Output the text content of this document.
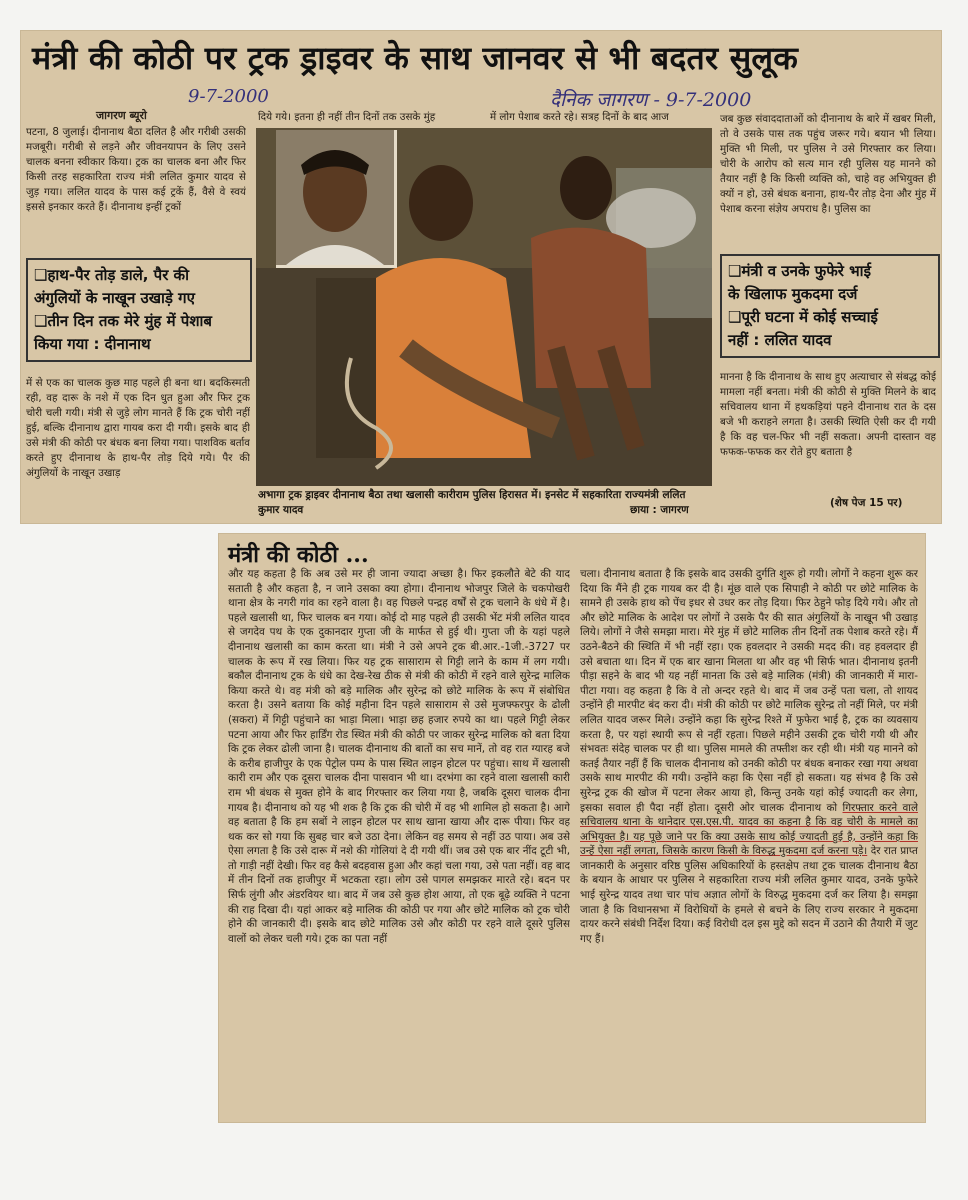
मंत्री की कोठी पर ट्रक ड्राइवर के साथ जानवर से भी बदतर सुलूक
9-7-2000	दैनिक जागरण - 9-7-2000
जागरण ब्यूरो

पटना, 8 जुलाई। दीनानाथ बैठा दलित है और गरीबी उसकी मजबूरी। गरीबी से लड़ने और जीवनयापन के लिए उसने चालक बनना स्वीकार किया। ट्रक का चालक बना और फिर किसी तरह सहकारिता राज्य मंत्री ललित कुमार यादव से जुड़ गया। ललित यादव के पास कई ट्रकें हैं, वैसे वे स्वयं इससे इनकार करते हैं। दीनानाथ इन्हीं ट्रकों

❑हाथ-पैर तोड़ डाले, पैर की
अंगुलियों के नाखून उखाड़े गए
❑तीन दिन तक मेरे मुंह में पेशाब
किया गया : दीनानाथ

में से एक का चालक कुछ माह पहले ही बना था। बदकिस्मती रही, वह दारू के नशे में एक दिन धुत हुआ और फिर ट्रक चोरी चली गयी। मंत्री से जुड़े लोग मानते हैं कि ट्रक चोरी नहीं हुई, बल्कि दीनानाथ द्वारा गायब करा दी गयी। इसके बाद ही उसे मंत्री की कोठी पर बंधक बना लिया गया। पाशविक बर्ताव करते हुए दीनानाथ के हाथ-पैर तोड़ दिये गये। पैर की अंगुलियों के नाखून उखाड़

दिये गये। इतना ही नहीं तीन दिनों तक उसके मुंह	में लोग पेशाब करते रहे। सत्रह दिनों के बाद आज	जब कुछ संवाददाताओं को दीनानाथ के बारे में खबर मिली, तो वे उसके पास तक पहुंच जरूर गये। बयान भी लिया। मुक्ति भी मिली, पर पुलिस ने उसे गिरफ्तार कर लिया। चोरी के आरोप को सत्य मान रही पुलिस यह मानने को तैयार नहीं है कि किसी व्यक्ति को, चाहे वह अभियुक्त ही क्यों न हो, उसे बंधक बनाना, हाथ-पैर तोड़ देना और मुंह में पेशाब करना संज्ञेय अपराध है। पुलिस का

❑मंत्री व उनके फुफेरे भाई
के खिलाफ मुकदमा दर्ज
❑पूरी घटना में कोई सच्चाई
नहीं : ललित यादव

मानना है कि दीनानाथ के साथ हुए अत्याचार से संबद्ध कोई मामला नहीं बनता। मंत्री की कोठी से मुक्ति मिलने के बाद सचिवालय थाना में हथकड़ियां पहने दीनानाथ रात के दस बजे भी कराहने लगता है। उसकी स्थिति ऐसी कर दी गयी है कि वह चल-फिर भी नहीं सकता। अपनी दास्तान वह फफक-फफक कर रोते हुए बताता है

(शेष पेज 15 पर)
अभागा ट्रक ड्राइवर दीनानाथ बैठा तथा खलासी कारीराम पुलिस हिरासत में। इनसेट में सहकारिता राज्यमंत्री ललित कुमार यादव	छाया : जागरण
मंत्री की कोठी ...

और यह कहता है कि अब उसे मर ही जाना ज्यादा अच्छा है। फिर इकलौते बेटे की याद सताती है और कहता है, न जाने उसका क्या होगा। दीनानाथ भोजपुर जिले के चकपोखरी थाना क्षेत्र के नगरी गांव का रहने वाला है। वह पिछले पन्द्रह वर्षों से ट्रक चलाने के धंधे में है। पहले खलासी था, फिर चालक बन गया। कोई दो माह पहले ही उसकी भेंट मंत्री ललित यादव से जगदेव पथ के एक दुकानदार गुप्ता जी के मार्फत से हुई थी। गुप्ता जी के यहां पहले दीनानाथ खलासी का काम करता था। मंत्री ने उसे अपने ट्रक बी.आर.-1जी.-3727 पर चालक के रूप में रख लिया। फिर यह ट्रक सासाराम से गिट्टी लाने के काम में लग गयी। बकौल दीनानाथ ट्रक के धंधे का देख-रेख ठीक से मंत्री की कोठी में रहने वाले सुरेन्द्र मालिक किया करते थे। वह मंत्री को बड़े मालिक और सुरेन्द्र को छोटे मालिक के रूप में संबोधित करता है। उसने बताया कि कोई महीना दिन पहले सासाराम से उसे मुजफ्फरपुर के ढोली (सकरा) में गिट्टी पहुंचाने का भाड़ा मिला। भाड़ा छह हजार रुपये का था। पहले गिट्टी लेकर पटना आया और फिर हार्डिंग रोड स्थित मंत्री की कोठी पर जाकर सुरेन्द्र मालिक को बता दिया कि ट्रक लेकर ढोली जाना है। चालक दीनानाथ की बातों का सच मानें, तो वह रात ग्यारह बजे के करीब हाजीपुर के एक पेट्रोल पम्प के पास स्थित लाइन होटल पर पहुंचा। साथ में खलासी कारी राम और एक दूसरा चालक दीना पासवान भी था। दरभंगा का रहने वाला खलासी कारी राम भी बंधक से मुक्त होने के बाद गिरफ्तार कर लिया गया है, जबकि दूसरा चालक दीना गायब है। दीनानाथ को यह भी शक है कि ट्रक की चोरी में वह भी शामिल हो सकता है। आगे वह बताता है कि हम सबों ने लाइन होटल पर साथ खाना खाया और दारू पीया। फिर वह थक कर सो गया कि सुबह चार बजे उठा देना। लेकिन वह समय से नहीं उठ पाया। अब उसे ऐसा लगता है कि उसे दारू में नशे की गोलियां दे दी गयी थीं। जब उसे एक बार नींद टूटी भी, तो गाड़ी नहीं देखी। फिर वह कैसे बदहवास हुआ और कहां चला गया, उसे पता नहीं। वह बाद में तीन दिनों तक हाजीपुर में भटकता रहा। लोग उसे पागल समझकर मारते रहे। बदन पर सिर्फ लुंगी और अंडरवियर था। बाद में जब उसे कुछ होश आया, तो एक बूढ़े व्यक्ति ने पटना की राह दिखा दी। यहां आकर बड़े मालिक की कोठी पर गया और छोटे मालिक को ट्रक चोरी होने की जानकारी दी। इसके बाद छोटे मालिक उसे और कोठी पर रहने वाले दूसरे पुलिस वालों को लेकर चली गये। ट्रक का पता नहीं

चला। दीनानाथ बताता है कि इसके बाद उसकी दुर्गति शुरू हो गयी। लोगों ने कहना शुरू कर दिया कि मैंने ही ट्रक गायब कर दी है। मूंछ वाले एक सिपाही ने कोठी पर छोटे मालिक के सामने ही उसके हाथ को पेंच इधर से उधर कर तोड़ दिया। फिर ठेहुने फोड़ दिये गये। और तो और छोटे मालिक के आदेश पर लोगों ने उसके पैर की सात अंगुलियों के नाखून भी उखाड़ लिये। लोगों ने जैसे समझा मारा। मेरे मुंह में छोटे मालिक तीन दिनों तक पेशाब करते रहे। मैं उठने-बैठने की स्थिति में भी नहीं रहा। एक हवलदार ने उसकी मदद की। वह हवलदार ही उसे बचाता था। दिन में एक बार खाना मिलता था और वह भी सिर्फ भात। दीनानाथ इतनी पीड़ा सहने के बाद भी यह नहीं मानता कि उसे बड़े मालिक (मंत्री) की जानकारी में मारा-पीटा गया। वह कहता है कि वे तो अन्दर रहते थे। बाद में जब उन्हें पता चला, तो शायद उन्होंने ही मारपीट बंद करा दी। मंत्री की कोठी पर छोटे मालिक सुरेन्द्र तो नहीं मिले, पर मंत्री ललित यादव जरूर मिले। उन्होंने कहा कि सुरेन्द्र रिश्ते में फुफेरा भाई है, ट्रक का व्यवसाय करता है, पर यहां स्थायी रूप से नहीं रहता। पिछले महीने उसकी ट्रक चोरी गयी थी और संभवतः संदेह चालक पर ही था। पुलिस मामले की तफ्तीश कर रही थी। मंत्री यह मानने को कतई तैयार नहीं हैं कि चालक दीनानाथ को उनकी कोठी पर बंधक बनाकर रखा गया अथवा उसके साथ मारपीट की गयी। उन्होंने कहा कि ऐसा नहीं हो सकता। यह संभव है कि उसे सुरेन्द्र ट्रक की खोज में पटना लेकर आया हो, किन्तु उनके यहां कोई ज्यादती कर लेगा, इसका सवाल ही पैदा नहीं होता। दूसरी ओर चालक दीनानाथ को गिरफ्तार करने वाले सचिवालय थाना के थानेदार एस.एस.पी. यादव का कहना है कि वह चोरी के मामले का अभियुक्त है। यह पूछे जाने पर कि क्या उसके साथ कोई ज्यादती हुई है, उन्होंने कहा कि उन्हें ऐसा नहीं लगता, जिसके कारण किसी के विरुद्ध मुकदमा दर्ज करना पड़े। देर रात प्राप्त जानकारी के अनुसार वरिष्ठ पुलिस अधिकारियों के हस्तक्षेप तथा ट्रक चालक दीनानाथ बैठा के बयान के आधार पर पुलिस ने सहकारिता राज्य मंत्री ललित कुमार यादव, उनके फुफेरे भाई सुरेन्द्र यादव तथा चार पांच अज्ञात लोगों के विरुद्ध मुकदमा दर्ज कर लिया है। समझा जाता है कि विधानसभा में विरोधियों के हमले से बचने के लिए राज्य सरकार ने मुकदमा दायर करने संबंधी निर्देश दिया। कई विरोधी दल इस मुद्दे को सदन में उठाने की तैयारी में जुट गए हैं।
